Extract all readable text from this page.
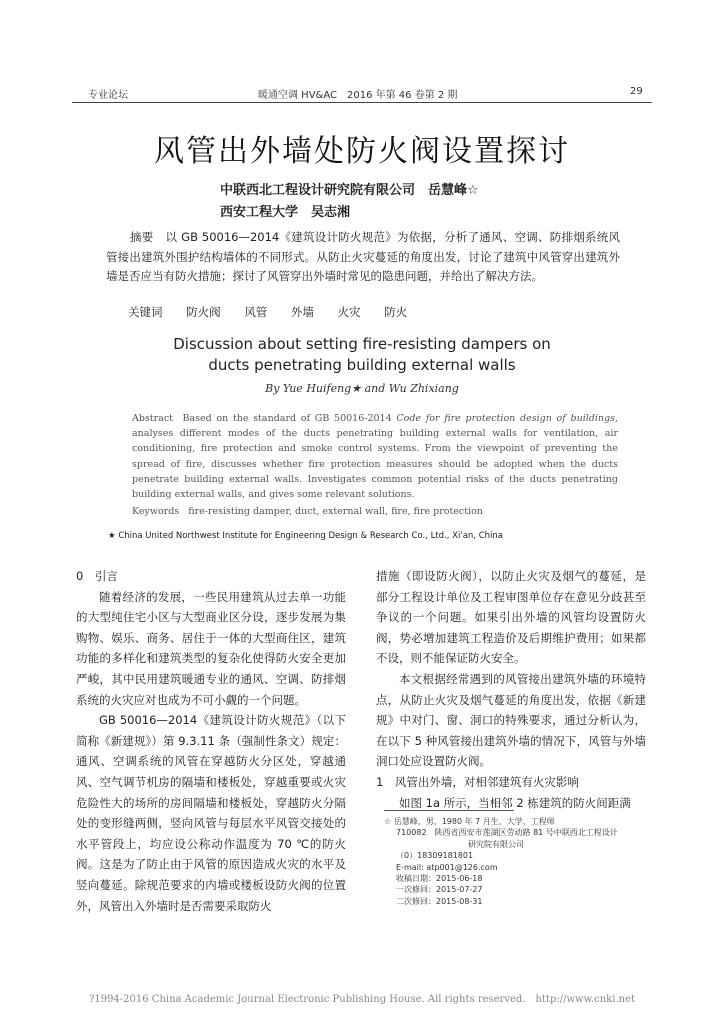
专业论坛	暖通空调 HV&AC　2016 年第 46 卷第 2 期	29
风管出外墙处防火阀设置探讨
中联西北工程设计研究院有限公司　岳慧峰☆
西安工程大学　吴志湘
摘要 以 GB 50016—2014《建筑设计防火规范》为依据，分析了通风、空调、防排烟系统风管接出建筑外围护结构墙体的不同形式。从防止火灾蔓延的角度出发，讨论了建筑中风管穿出建筑外墙是否应当有防火措施；探讨了风管穿出外墙时常见的隐患问题，并给出了解决方法。
关键词 防火阀 风管 外墙 火灾 防火
Discussion about setting fire-resisting dampers on
ducts penetrating building external walls
By Yue Huifeng★ and Wu Zhixiang
Abstract Based on the standard of GB 50016-2014 Code for fire protection design of buildings, analyses different modes of the ducts penetrating building external walls for ventilation, air conditioning, fire protection and smoke control systems. From the viewpoint of preventing the spread of fire, discusses whether fire protection measures should be adopted when the ducts penetrate building external walls. Investigates common potential risks of the ducts penetrating building external walls, and gives some relevant solutions.
Keywords fire-resisting damper, duct, external wall, fire, fire protection
★ China United Northwest Institute for Engineering Design & Research Co., Ltd., Xi'an, China

0　引言

随着经济的发展，一些民用建筑从过去单一功能的大型纯住宅小区与大型商业区分设，逐步发展为集购物、娱乐、商务、居住于一体的大型商住区，建筑功能的多样化和建筑类型的复杂化使得防火安全更加严峻，其中民用建筑暖通专业的通风、空调、防排烟系统的火灾应对也成为不可小觑的一个问题。

GB 50016—2014《建筑设计防火规范》（以下简称《新建规》）第 9.3.11 条（强制性条文）规定：通风、空调系统的风管在穿越防火分区处，穿越通风、空气调节机房的隔墙和楼板处，穿越重要或火灾危险性大的场所的房间隔墙和楼板处，穿越防火分隔处的变形缝两侧，竖向风管与每层水平风管交接处的水平管段上，均应设公称动作温度为 70 ℃的防火阀。这是为了防止由于风管的原因造成火灾的水平及竖向蔓延。除规范要求的内墙或楼板设防火阀的位置外，风管出入外墙时是否需要采取防火

措施（即设防火阀），以防止火灾及烟气的蔓延，是部分工程设计单位及工程审图单位存在意见分歧甚至争议的一个问题。如果引出外墙的风管均设置防火阀，势必增加建筑工程造价及后期维护费用；如果都不设，则不能保证防火安全。

本文根据经常遇到的风管接出建筑外墙的环境特点，从防止火灾及烟气蔓延的角度出发，依据《新建规》中对门、窗、洞口的特殊要求，通过分析认为，在以下 5 种风管接出建筑外墙的情况下，风管与外墙洞口处应设置防火阀。

1　风管出外墙，对相邻建筑有火灾影响

如图 1a 所示，当相邻 2 栋建筑的防火间距满

☆ 岳慧峰，男，1980 年 7 月生，大学，工程师
710082　陕西省西安市莲湖区劳动路 81 号中联西北工程设计
研究院有限公司
（0）18309181801
E-mail: atp001@126.com
收稿日期：2015-06-18
一次修回：2015-07-27
二次修回：2015-08-31
?1994-2016 China Academic Journal Electronic Publishing House. All rights reserved.　http://www.cnki.net
